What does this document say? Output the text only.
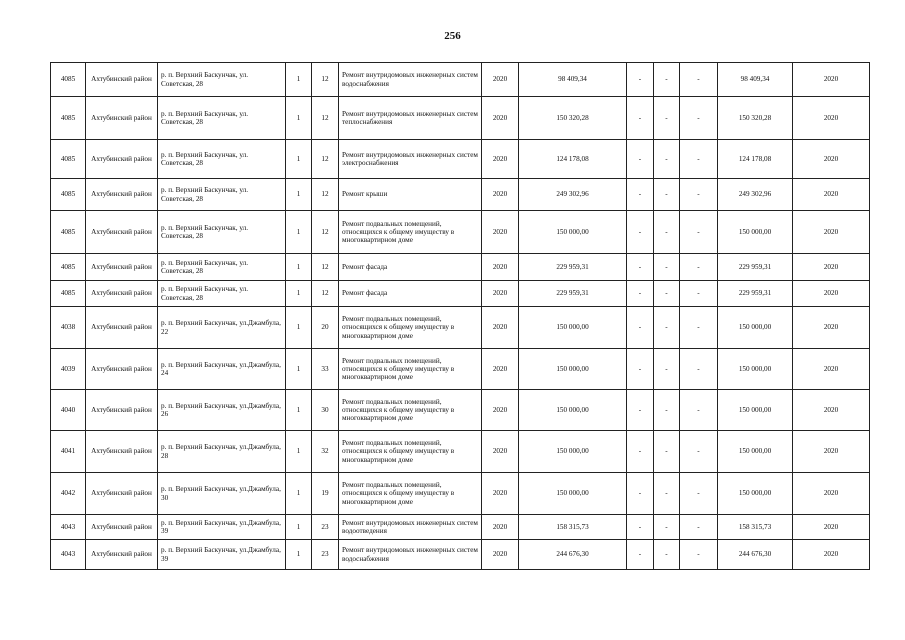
256
4085	Ахтубинский район	р. п. Верхний Баскунчак, ул. Советская, 28	1	12	Ремонт внутридомовых инженерных систем водоснабжения	2020	98 409,34	-	-	-	98 409,34	2020
4085	Ахтубинский район	р. п. Верхний Баскунчак, ул. Советская, 28	1	12	Ремонт внутридомовых инженерных систем теплоснабжения	2020	150 320,28	-	-	-	150 320,28	2020
4085	Ахтубинский район	р. п. Верхний Баскунчак, ул. Советская, 28	1	12	Ремонт внутридомовых инженерных систем электроснабжения	2020	124 178,08	-	-	-	124 178,08	2020
4085	Ахтубинский район	р. п. Верхний Баскунчак, ул. Советская, 28	1	12	Ремонт крыши	2020	249 302,96	-	-	-	249 302,96	2020
4085	Ахтубинский район	р. п. Верхний Баскунчак, ул. Советская, 28	1	12	Ремонт подвальных помещений, относящихся к общему имуществу в многоквартирном доме	2020	150 000,00	-	-	-	150 000,00	2020
4085	Ахтубинский район	р. п. Верхний Баскунчак, ул. Советская, 28	1	12	Ремонт фасада	2020	229 959,31	-	-	-	229 959,31	2020
4085	Ахтубинский район	р. п. Верхний Баскунчак, ул. Советская, 28	1	12	Ремонт фасада	2020	229 959,31	-	-	-	229 959,31	2020
4038	Ахтубинский район	р. п. Верхний Баскунчак, ул.Джамбула, 22	1	20	Ремонт подвальных помещений, относящихся к общему имуществу в многоквартирном доме	2020	150 000,00	-	-	-	150 000,00	2020
4039	Ахтубинский район	р. п. Верхний Баскунчак, ул.Джамбула, 24	1	33	Ремонт подвальных помещений, относящихся к общему имуществу в многоквартирном доме	2020	150 000,00	-	-	-	150 000,00	2020
4040	Ахтубинский район	р. п. Верхний Баскунчак, ул.Джамбула, 26	1	30	Ремонт подвальных помещений, относящихся к общему имуществу в многоквартирном доме	2020	150 000,00	-	-	-	150 000,00	2020
4041	Ахтубинский район	р. п. Верхний Баскунчак, ул.Джамбула, 28	1	32	Ремонт подвальных помещений, относящихся к общему имуществу в многоквартирном доме	2020	150 000,00	-	-	-	150 000,00	2020
4042	Ахтубинский район	р. п. Верхний Баскунчак, ул.Джамбула, 30	1	19	Ремонт подвальных помещений, относящихся к общему имуществу в многоквартирном доме	2020	150 000,00	-	-	-	150 000,00	2020
4043	Ахтубинский район	р. п. Верхний Баскунчак, ул.Джамбула, 39	1	23	Ремонт внутридомовых инженерных систем водоотведения	2020	158 315,73	-	-	-	158 315,73	2020
4043	Ахтубинский район	р. п. Верхний Баскунчак, ул.Джамбула, 39	1	23	Ремонт внутридомовых инженерных систем водоснабжения	2020	244 676,30	-	-	-	244 676,30	2020
